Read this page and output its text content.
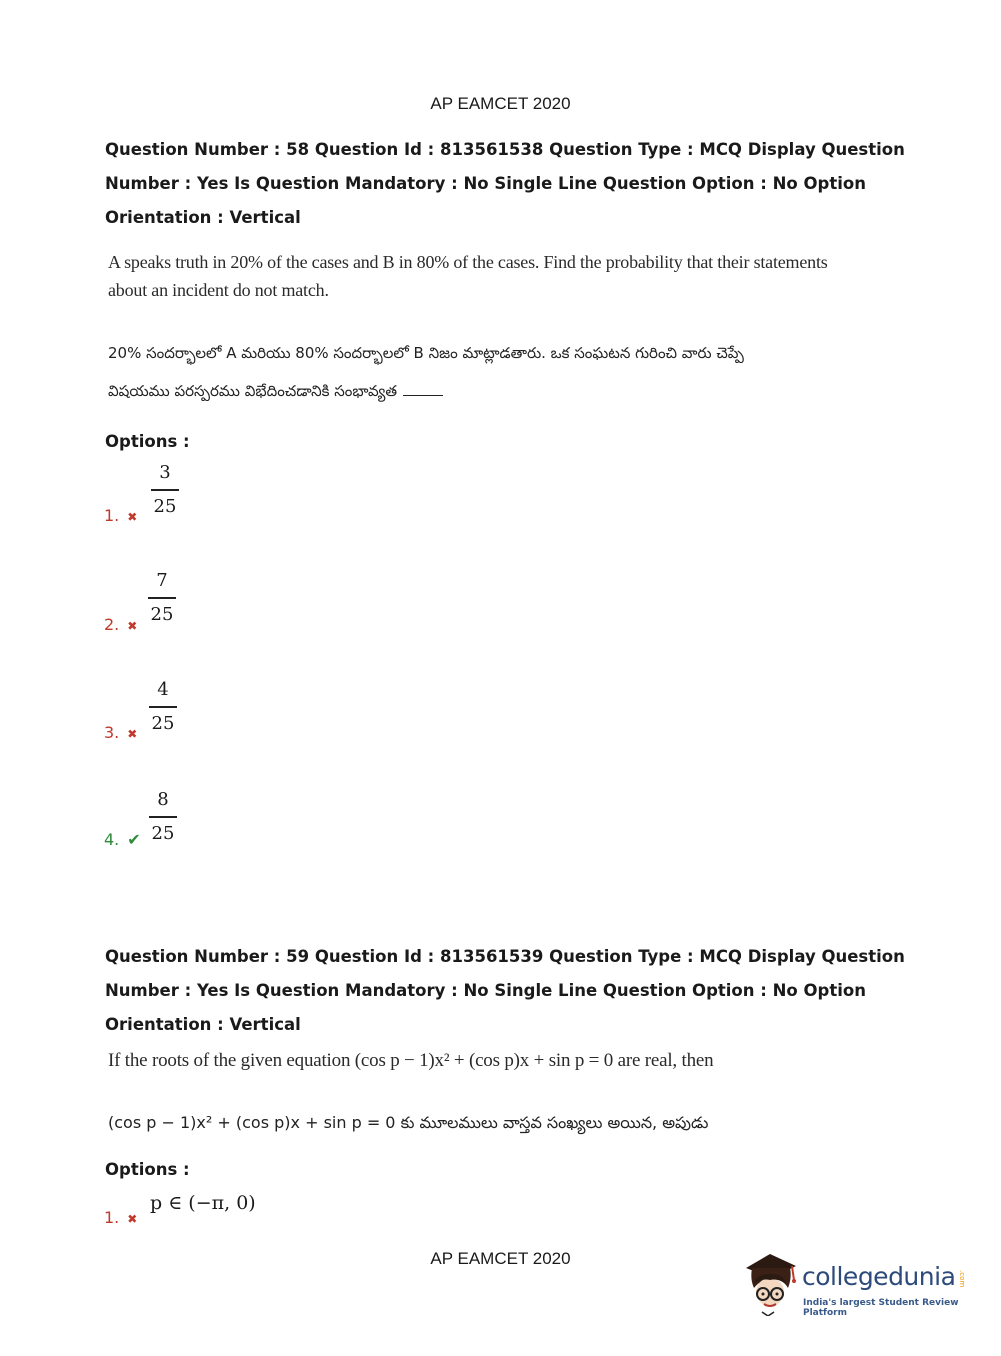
AP EAMCET 2020
Question Number : 58 Question Id : 813561538 Question Type : MCQ Display Question
Number : Yes Is Question Mandatory : No Single Line Question Option : No Option
Orientation : Vertical
A speaks truth in 20% of the cases and B in 80% of the cases. Find the probability that their statements
about an incident do not match.
20% సందర్భాలలో A మరియు 80% సందర్భాలలో B నిజం మాట్లాడతారు. ఒక సంఘటన గురించి వారు చెప్పే
విషయము పరస్పరము విభేదించడానికి సంభావ్యత
Options :
1. ✖
3
25
2. ✖
7
25
3. ✖
4
25
4. ✔
8
25
Question Number : 59 Question Id : 813561539 Question Type : MCQ Display Question
Number : Yes Is Question Mandatory : No Single Line Question Option : No Option
Orientation : Vertical
If the roots of the given equation (cos p − 1)x² + (cos p)x + sin p = 0 are real, then
(cos p − 1)x² + (cos p)x + sin p = 0 కు మూలములు వాస్తవ సంఖ్యలు అయిన, అపుడు
Options :
1. ✖
p ∈ (−π, 0)
AP EAMCET 2020
collegedunia .com
India's largest Student Review Platform
